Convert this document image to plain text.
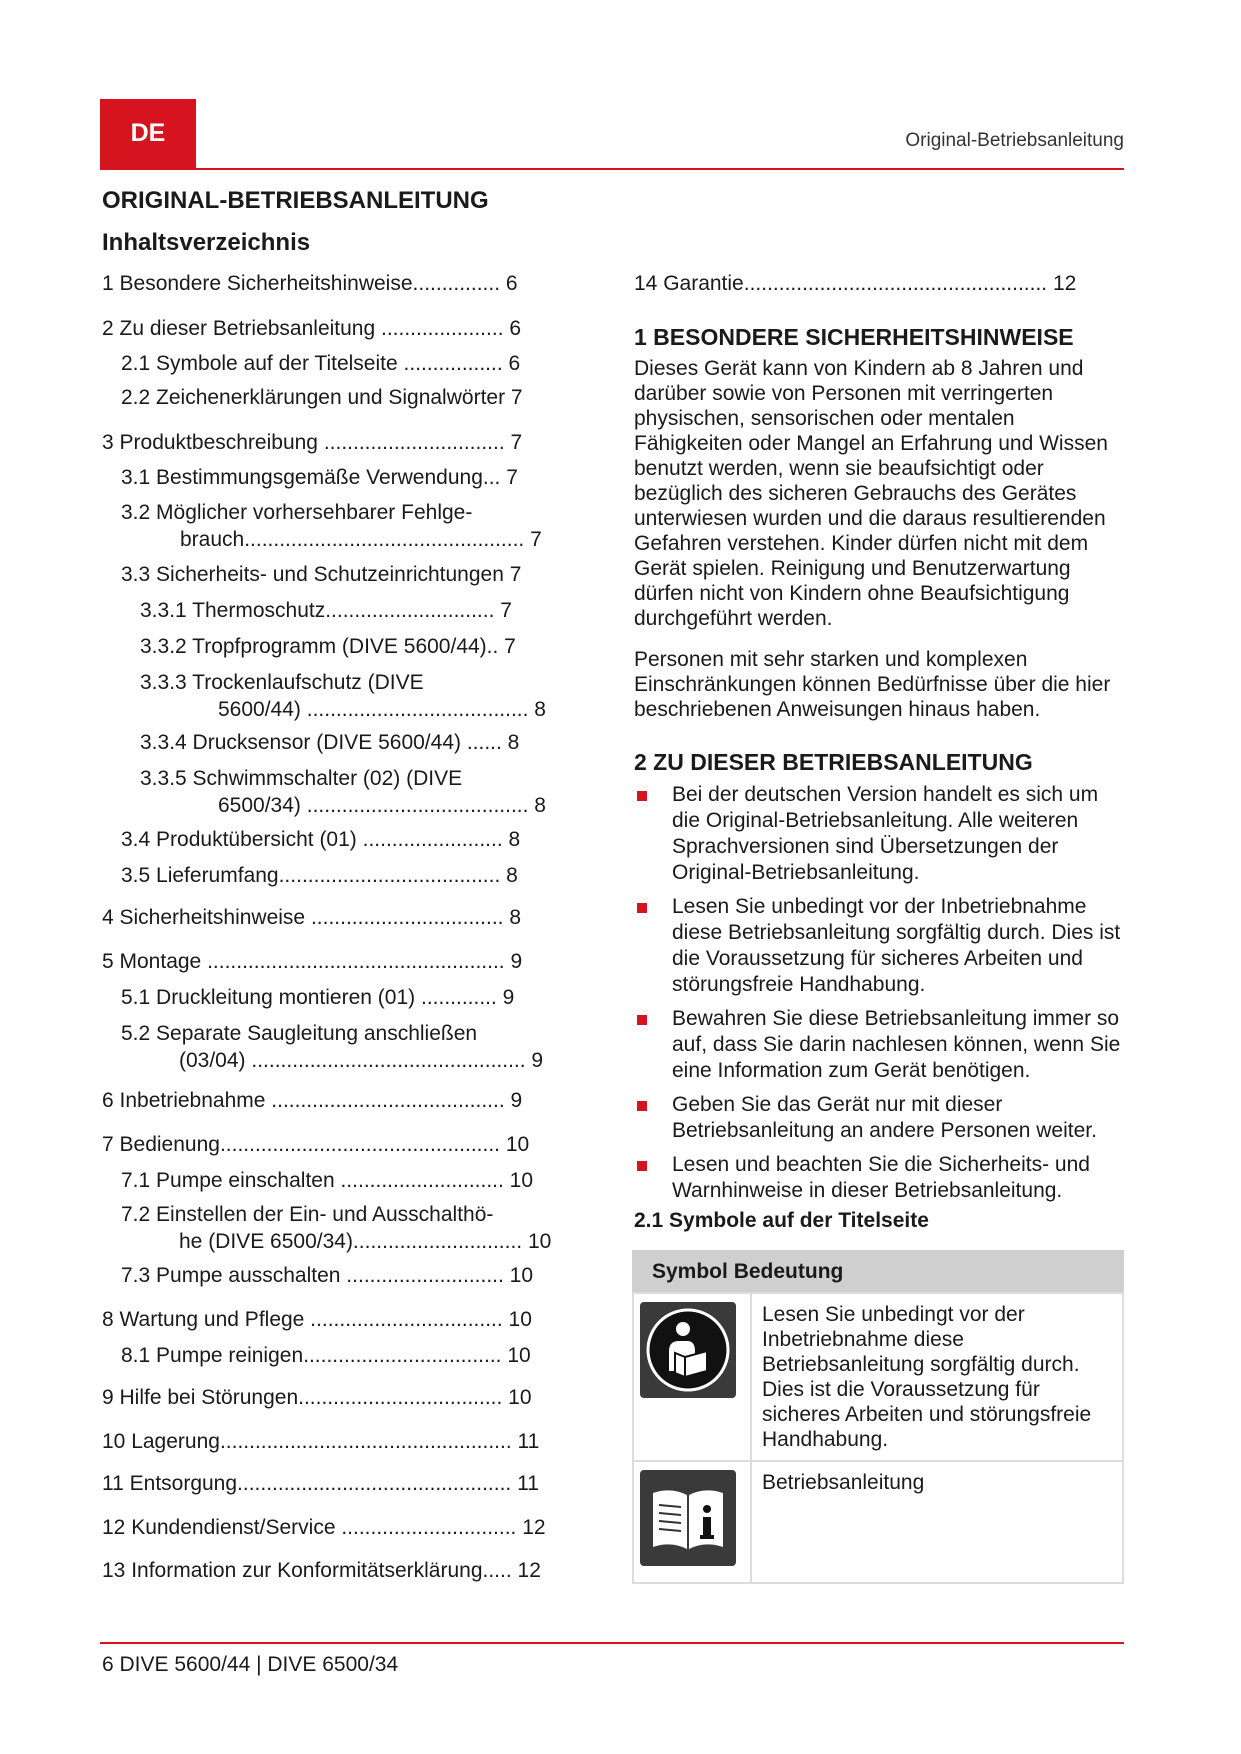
DE	Original-Betriebsanleitung
ORIGINAL-BETRIEBSANLEITUNG
Inhaltsverzeichnis
1 Besondere Sicherheitshinweise............... 6
2 Zu dieser Betriebsanleitung ..................... 6
2.1 Symbole auf der Titelseite ................. 6
2.2 Zeichenerklärungen und Signalwörter 7
3 Produktbeschreibung ............................... 7
3.1 Bestimmungsgemäße Verwendung... 7
3.2 Möglicher vorhersehbarer Fehlge-
brauch................................................ 7
3.3 Sicherheits- und Schutzeinrichtungen 7
3.3.1 Thermoschutz............................. 7
3.3.2 Tropfprogramm (DIVE 5600/44).. 7
3.3.3 Trockenlaufschutz (DIVE
5600/44) ...................................... 8
3.3.4 Drucksensor (DIVE 5600/44) ...... 8
3.3.5 Schwimmschalter (02) (DIVE
6500/34) ...................................... 8
3.4 Produktübersicht (01) ........................ 8
3.5 Lieferumfang...................................... 8
4 Sicherheitshinweise ................................. 8
5 Montage ................................................... 9
5.1 Druckleitung montieren (01) ............. 9
5.2 Separate Saugleitung anschließen
(03/04) ............................................... 9
6 Inbetriebnahme ........................................ 9
7 Bedienung................................................ 10
7.1 Pumpe einschalten ............................ 10
7.2 Einstellen der Ein- und Ausschalthö-
he (DIVE 6500/34)............................. 10
7.3 Pumpe ausschalten ........................... 10
8 Wartung und Pflege ................................. 10
8.1 Pumpe reinigen.................................. 10
9 Hilfe bei Störungen................................... 10
10 Lagerung.................................................. 11
11 Entsorgung............................................... 11
12 Kundendienst/Service .............................. 12
13 Information zur Konformitätserklärung..... 12
14 Garantie.................................................... 12
1 BESONDERE SICHERHEITSHINWEISE
Dieses Gerät kann von Kindern ab 8 Jahren und darüber sowie von Personen mit verringerten physischen, sensorischen oder mentalen Fähigkeiten oder Mangel an Erfahrung und Wissen benutzt werden, wenn sie beaufsichtigt oder bezüglich des sicheren Gebrauchs des Gerätes unterwiesen wurden und die daraus resultierenden Gefahren verstehen. Kinder dürfen nicht mit dem Gerät spielen. Reinigung und Benutzerwartung dürfen nicht von Kindern ohne Beaufsichtigung durchgeführt werden.
Personen mit sehr starken und komplexen Einschränkungen können Bedürfnisse über die hier beschriebenen Anweisungen hinaus haben.
2 ZU DIESER BETRIEBSANLEITUNG
Bei der deutschen Version handelt es sich um die Original-Betriebsanleitung. Alle weiteren Sprachversionen sind Übersetzungen der Original-Betriebsanleitung.
Lesen Sie unbedingt vor der Inbetriebnahme diese Betriebsanleitung sorgfältig durch. Dies ist die Voraussetzung für sicheres Arbeiten und störungsfreie Handhabung.
Bewahren Sie diese Betriebsanleitung immer so auf, dass Sie darin nachlesen können, wenn Sie eine Information zum Gerät benötigen.
Geben Sie das Gerät nur mit dieser Betriebsanleitung an andere Personen weiter.
Lesen und beachten Sie die Sicherheits- und Warnhinweise in dieser Betriebsanleitung.
2.1 Symbole auf der Titelseite
Symbol Bedeutung	

	Lesen Sie unbedingt vor der Inbetriebnahme diese Betriebsanleitung sorgfältig durch. Dies ist die Voraussetzung für sicheres Arbeiten und störungsfreie Handhabung.

	Betriebsanleitung
6 DIVE 5600/44 | DIVE 6500/34
